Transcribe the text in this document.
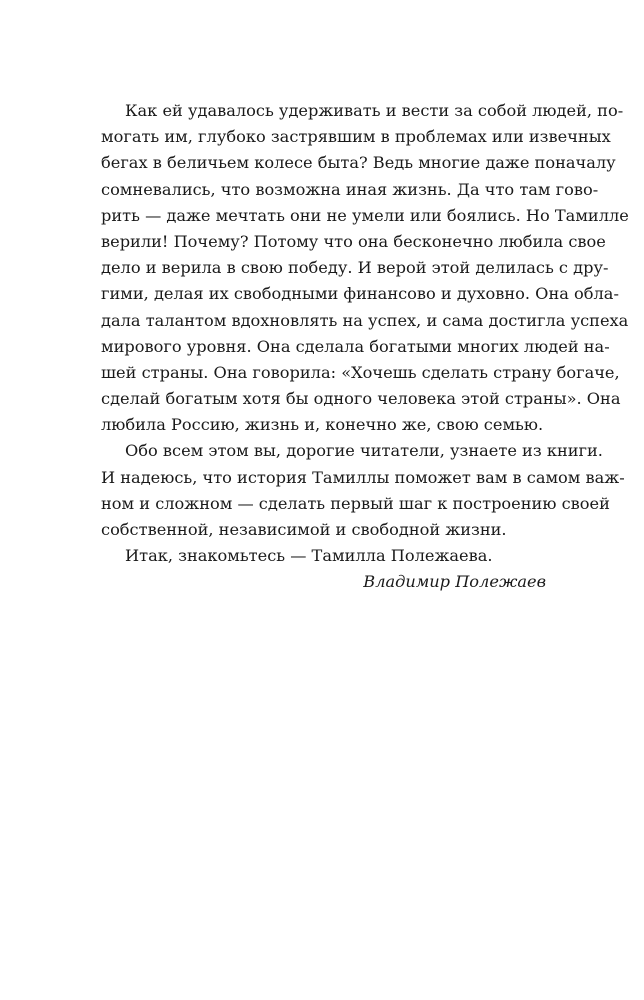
Как ей удавалось удерживать и вести за собой людей, по-
могать им, глубоко застрявшим в проблемах или извечных
бегах в беличьем колесе быта? Ведь многие даже поначалу
сомневались, что возможна иная жизнь. Да что там гово-
рить — даже мечтать они не умели или боялись. Но Тамилле
верили! Почему? Потому что она бесконечно любила свое
дело и верила в свою победу. И верой этой делилась с дру-
гими, делая их свободными финансово и духовно. Она обла-
дала талантом вдохновлять на успех, и сама достигла успеха
мирового уровня. Она сделала богатыми многих людей на-
шей страны. Она говорила: «Хочешь сделать страну богаче,
сделай богатым хотя бы одного человека этой страны». Она
любила Россию, жизнь и, конечно же, свою семью.
Обо всем этом вы, дорогие читатели, узнаете из книги.
И надеюсь, что история Тамиллы поможет вам в самом важ-
ном и сложном — сделать первый шаг к построению своей
собственной, независимой и свободной жизни.
Итак, знакомьтесь — Тамилла Полежаева.
Владимир Полежаев
